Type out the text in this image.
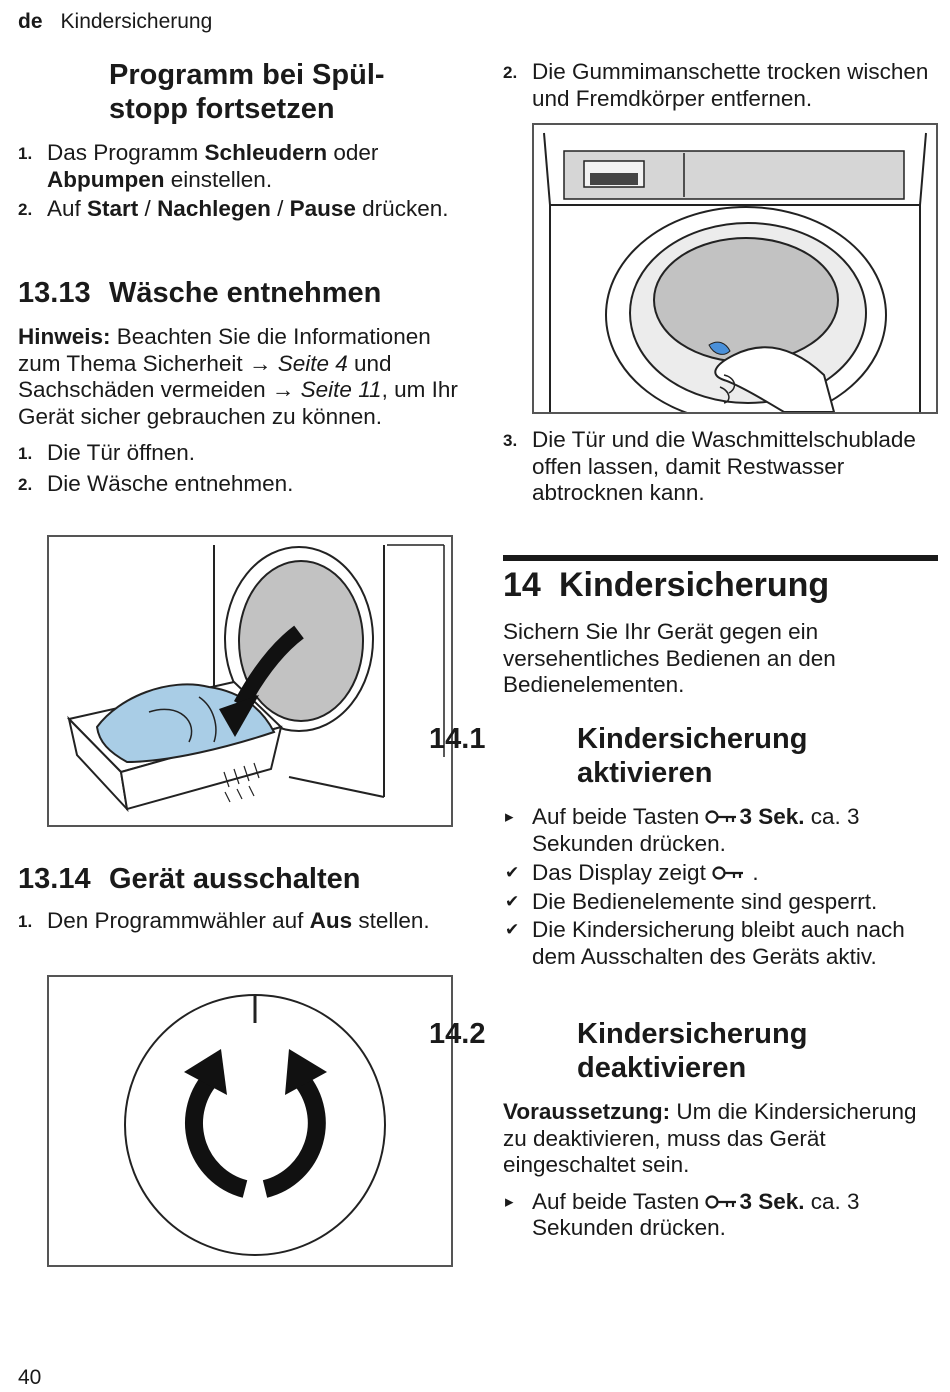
de Kindersicherung
Programm bei Spül-stopp fortsetzen
1. Das Programm Schleudern oder Abpumpen einstellen.
2. Auf Start / Nachlegen / Pause drücken.
13.13 Wäsche entnehmen

Hinweis: Beachten Sie die Informationen zum Thema Sicherheit → Seite 4 und Sachschäden vermeiden → Seite 11, um Ihr Gerät sicher gebrauchen zu können.

1. Die Tür öffnen.
2. Die Wäsche entnehmen.
13.14 Gerät ausschalten
1. Den Programmwähler auf Aus stellen.
40
2. Die Gummimanschette trocken wischen und Fremdkörper entfernen.
3. Die Tür und die Waschmittelschublade offen lassen, damit Restwasser abtrocknen kann.
14 Kindersicherung

Sichern Sie Ihr Gerät gegen ein versehentliches Bedienen an den Bedienelementen.

14.1	Kindersicherung aktivieren
▸ Auf beide Tasten 3 Sek. ca. 3 Sekunden drücken.
✔ Das Display zeigt  .
✔ Die Bedienelemente sind gesperrt.
✔ Die Kindersicherung bleibt auch nach dem Ausschalten des Geräts aktiv.
14.2	Kindersicherung deaktivieren

Voraussetzung: Um die Kindersicherung zu deaktivieren, muss das Gerät eingeschaltet sein.

▸ Auf beide Tasten 3 Sek. ca. 3 Sekunden drücken.
